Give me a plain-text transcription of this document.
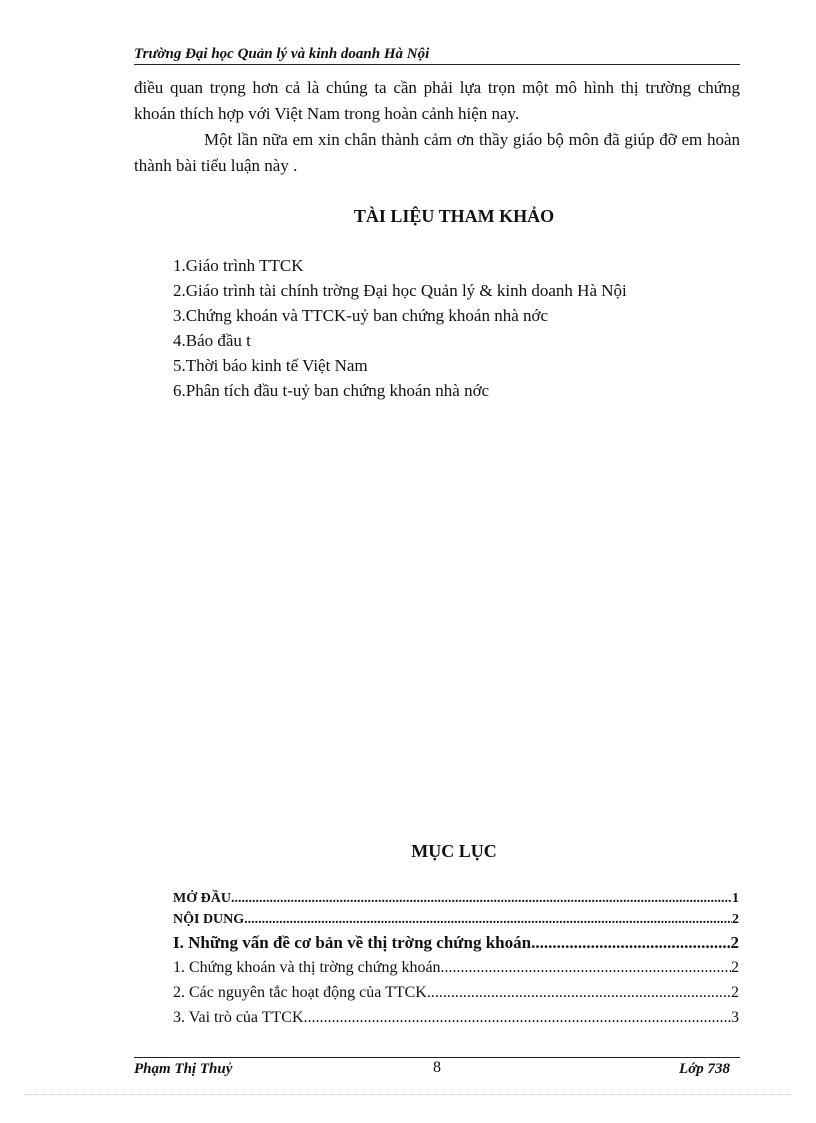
Trường Đại học Quản lý và kinh doanh Hà Nội

điều quan trọng hơn cả là chúng ta cần phải lựa trọn một mô hình thị trường chứng khoán thích hợp với Việt Nam trong hoàn cảnh hiện nay.

Một lần nữa em xin chân thành cảm ơn thầy giáo bộ môn đã giúp đỡ em hoàn thành bài tiểu luận này .

TÀI LIỆU THAM KHẢO
1.Giáo trình TTCK
2.Giáo trình tài chính trờng Đại học Quản lý & kinh doanh Hà Nội
3.Chứng khoán và TTCK-uỷ ban chứng khoán nhà nớc
4.Báo đầu t
5.Thời báo kinh tế Việt Nam
6.Phân tích đầu t-uỷ ban chứng khoán nhà nớc
MỤC LỤC
MỞ ĐẦU .....	1
NỘI DUNG .....	2
I. Những vấn đề cơ bản về thị trờng chứng khoán .....	2
1. Chứng khoán và thị trờng chứng khoán .....	2
2. Các nguyên tắc hoạt động của TTCK .....	2
3. Vai trò của TTCK .....	3
Phạm Thị Thuỷ	8	Lớp 738
